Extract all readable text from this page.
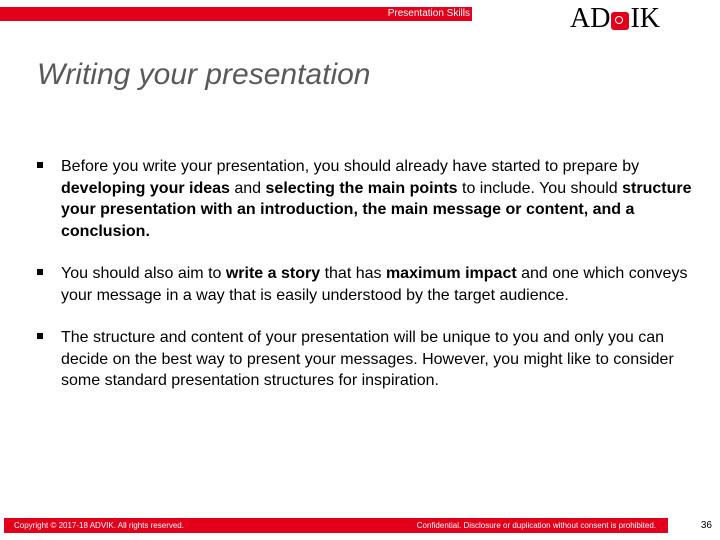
Presentation Skills	AD IK
Writing your presentation
Before you write your presentation, you should already have started to prepare by developing your ideas and selecting the main points to include. You should structure your presentation with an introduction, the main message or content, and a conclusion.
You should also aim to write a story that has maximum impact and one which conveys your message in a way that is easily understood by the target audience.
The structure and content of your presentation will be unique to you and only you can decide on the best way to present your messages. However, you might like to consider some standard presentation structures for inspiration.
Copyright © 2017-18 ADVIK. All rights reserved.	Confidential. Disclosure or duplication without consent is prohibited.	36
